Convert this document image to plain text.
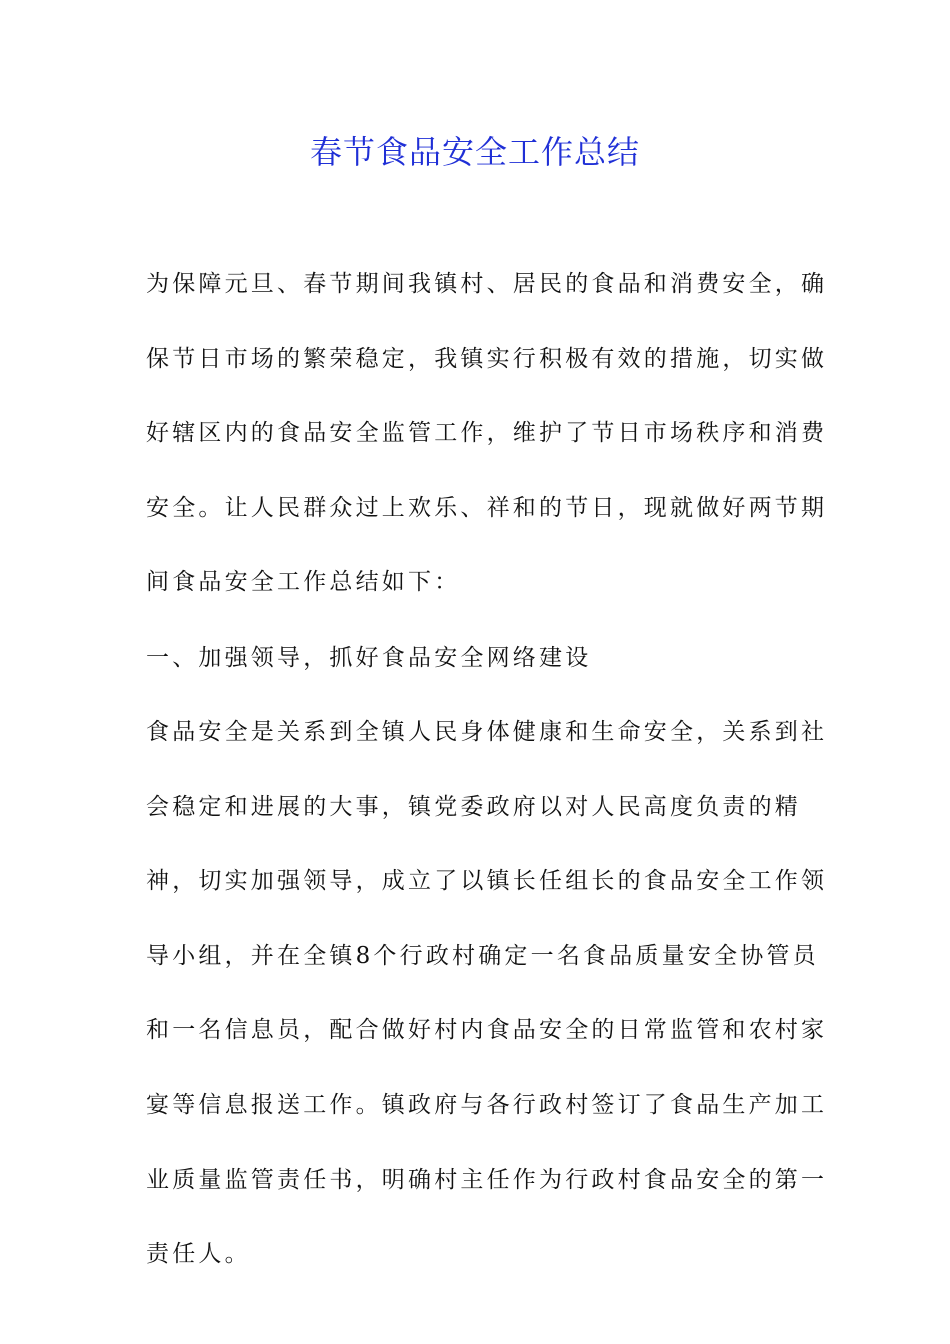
春节食品安全工作总结

为保障元旦、春节期间我镇村、居民的食品和消费安全，确保节日市场的繁荣稳定，我镇实行积极有效的措施，切实做好辖区内的食品安全监管工作，维护了节日市场秩序和消费安全。让人民群众过上欢乐、祥和的节日，现就做好两节期间食品安全工作总结如下：

一、加强领导，抓好食品安全网络建设

食品安全是关系到全镇人民身体健康和生命安全，关系到社会稳定和进展的大事，镇党委政府以对人民高度负责的精神，切实加强领导，成立了以镇长任组长的食品安全工作领导小组，并在全镇8个行政村确定一名食品质量安全协管员和一名信息员，配合做好村内食品安全的日常监管和农村家宴等信息报送工作。镇政府与各行政村签订了食品生产加工业质量监管责任书，明确村主任作为行政村食品安全的第一责任人。
